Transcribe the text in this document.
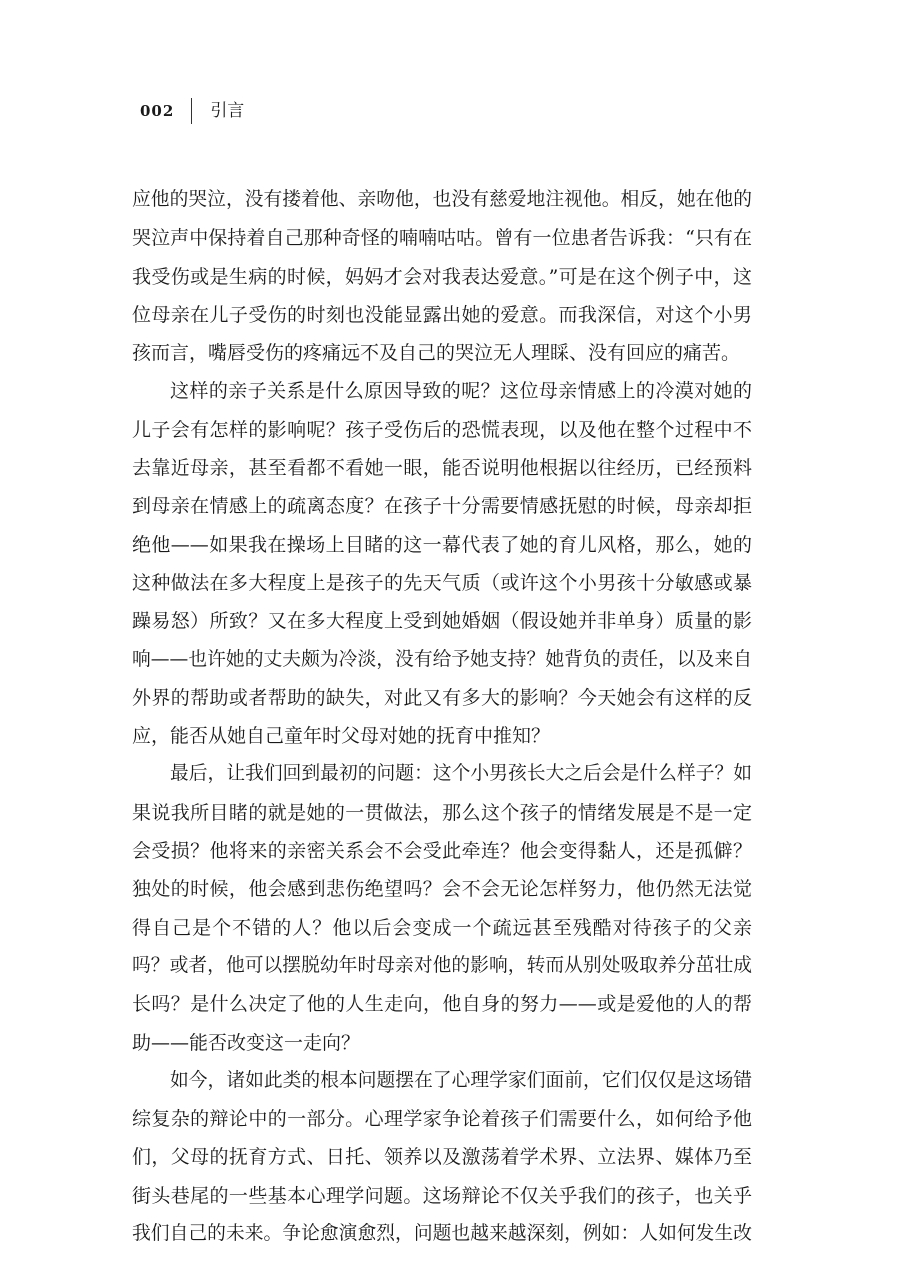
002 引言
应他的哭泣，没有搂着他、亲吻他，也没有慈爱地注视他。相反，她在他的
哭泣声中保持着自己那种奇怪的喃喃咕咕。曾有一位患者告诉我：“只有在
我受伤或是生病的时候，妈妈才会对我表达爱意。”可是在这个例子中，这
位母亲在儿子受伤的时刻也没能显露出她的爱意。而我深信，对这个小男
孩而言，嘴唇受伤的疼痛远不及自己的哭泣无人理睬、没有回应的痛苦。
这样的亲子关系是什么原因导致的呢？这位母亲情感上的冷漠对她的
儿子会有怎样的影响呢？孩子受伤后的恐慌表现，以及他在整个过程中不
去靠近母亲，甚至看都不看她一眼，能否说明他根据以往经历，已经预料
到母亲在情感上的疏离态度？在孩子十分需要情感抚慰的时候，母亲却拒
绝他——如果我在操场上目睹的这一幕代表了她的育儿风格，那么，她的
这种做法在多大程度上是孩子的先天气质（或许这个小男孩十分敏感或暴
躁易怒）所致？又在多大程度上受到她婚姻（假设她并非单身）质量的影
响——也许她的丈夫颇为冷淡，没有给予她支持？她背负的责任，以及来自
外界的帮助或者帮助的缺失，对此又有多大的影响？今天她会有这样的反
应，能否从她自己童年时父母对她的抚育中推知？
最后，让我们回到最初的问题：这个小男孩长大之后会是什么样子？如
果说我所目睹的就是她的一贯做法，那么这个孩子的情绪发展是不是一定
会受损？他将来的亲密关系会不会受此牵连？他会变得黏人，还是孤僻？
独处的时候，他会感到悲伤绝望吗？会不会无论怎样努力，他仍然无法觉
得自己是个不错的人？他以后会变成一个疏远甚至残酷对待孩子的父亲
吗？或者，他可以摆脱幼年时母亲对他的影响，转而从别处吸取养分茁壮成
长吗？是什么决定了他的人生走向，他自身的努力——或是爱他的人的帮
助——能否改变这一走向？
如今，诸如此类的根本问题摆在了心理学家们面前，它们仅仅是这场错
综复杂的辩论中的一部分。心理学家争论着孩子们需要什么，如何给予他
们，父母的抚育方式、日托、领养以及激荡着学术界、立法界、媒体乃至
街头巷尾的一些基本心理学问题。这场辩论不仅关乎我们的孩子，也关乎
我们自己的未来。争论愈演愈烈，问题也越来越深刻，例如：人如何发生改
